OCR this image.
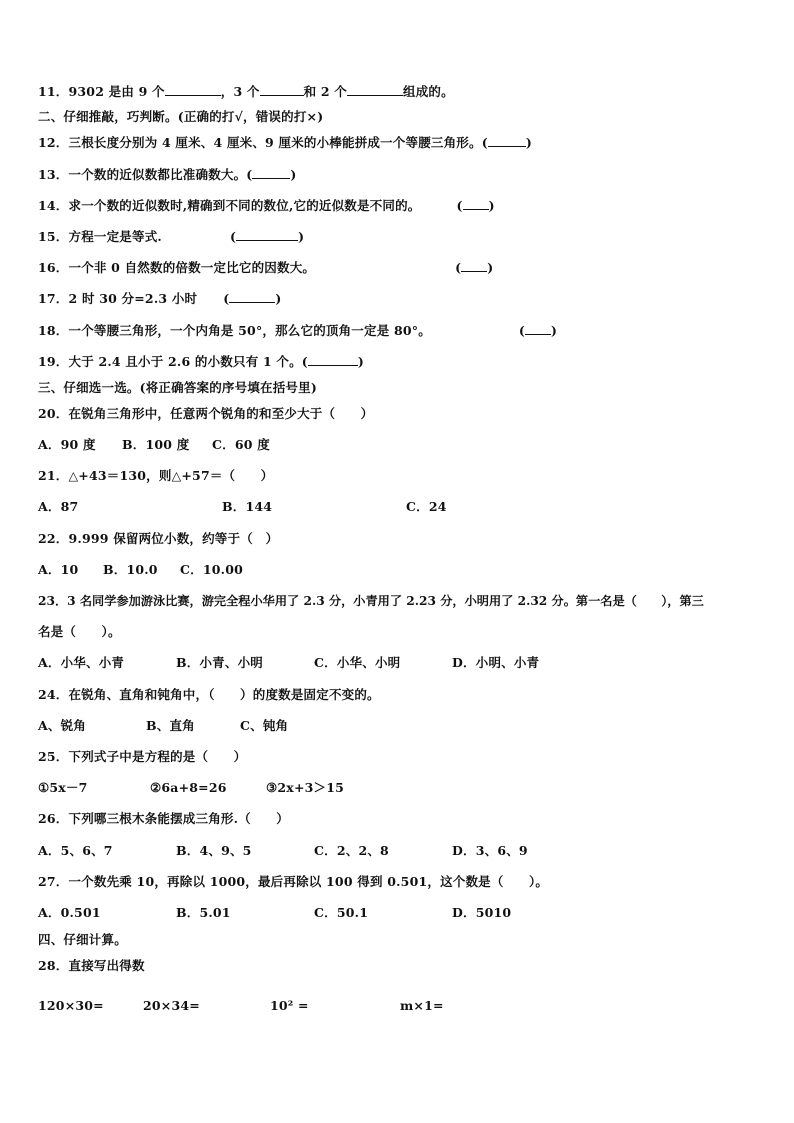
11．9302 是由 9 个	，3 个	和 2 个	组成的。
二、仔细推敲，巧判断。(正确的打√，错误的打×)
12．三根长度分别为 4 厘米、4 厘米、9 厘米的小棒能拼成一个等腰三角形。(	)
13．一个数的近似数都比准确数大。(	)
14．求一个数的近似数时,精确到不同的数位,它的近似数是不同的。	( )
15．方程一定是等式.	(	)
16．一个非 0 自然数的倍数一定比它的因数大。	( )
17．2 时 30 分=2.3 小时 (	)
18．一个等腰三角形，一个内角是 50°，那么它的顶角一定是 80°。	( )
19．大于 2.4 且小于 2.6 的小数只有 1 个。(	)
三、仔细选一选。(将正确答案的序号填在括号里)
20．在锐角三角形中，任意两个锐角的和至少大于（　　）
A．90 度 B．100 度 C．60 度
21．△+43＝130，则△+57＝（　　）
A．87	B．144	C．24
22．9.999 保留两位小数，约等于（　）
A．10 B．10.0 C．10.00
23．3 名同学参加游泳比赛，游完全程小华用了 2.3 分，小青用了 2.23 分，小明用了 2.32 分。第一名是（　　），第三
名是（　　）。
A．小华、小青	B．小青、小明	C．小华、小明	D．小明、小青
24．在锐角、直角和钝角中，（　　）的度数是固定不变的。
A、锐角	B、直角	C、钝角
25．下列式子中是方程的是（　　）
①5x－7	②6a+8=26	③2x+3＞15
26．下列哪三根木条能摆成三角形.（　　）
A．5、6、7	B．4、9、5	C．2、2、8	D．3、6、9
27．一个数先乘 10，再除以 1000，最后再除以 100 得到 0.501，这个数是（　　）。
A．0.501	B．5.01	C．50.1	D．5010
四、仔细计算。
28．直接写出得数
120×30=	20×34=	10² =	m×1=
